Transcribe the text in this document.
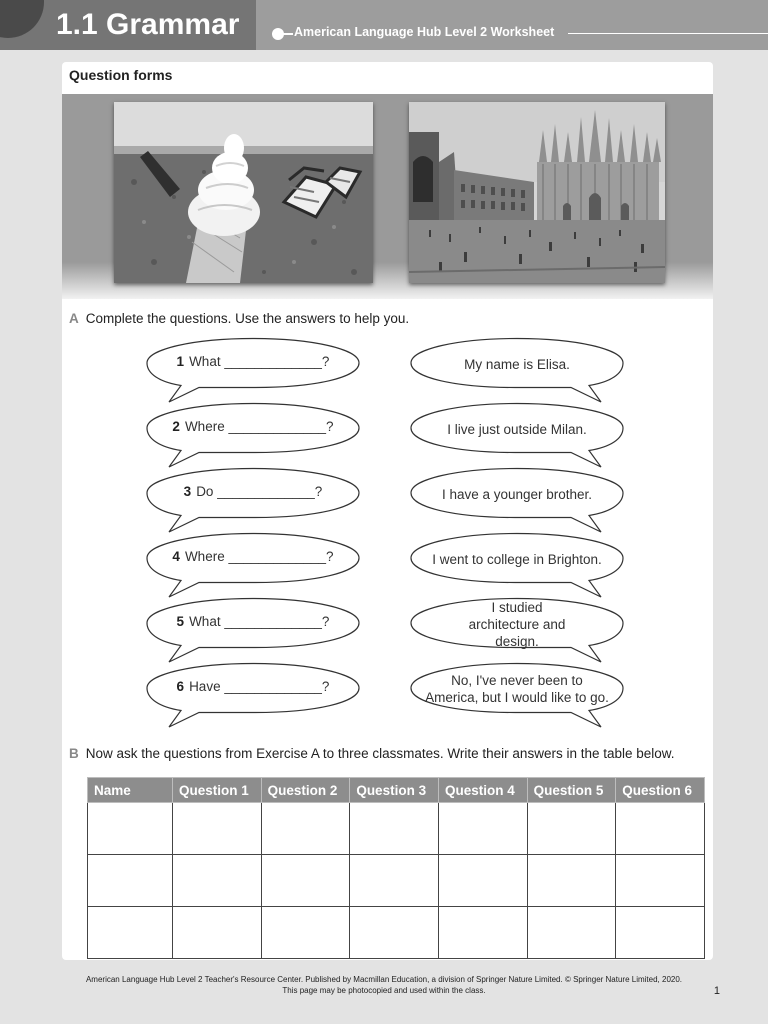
1.1 Grammar	American Language Hub Level 2 Worksheet
Question forms
A Complete the questions. Use the answers to help you.
1 What _____________?
2 Where _____________?
3 Do _____________?
4 Where _____________?
5 What _____________?
6 Have _____________?
My name is Elisa.
I live just outside Milan.
I have a younger brother.
I went to college in Brighton.
I studied architecture and design.
No, I've never been to America, but I would like to go.
B Now ask the questions from Exercise A to three classmates. Write their answers in the table below.
Name	Question 1	Question 2	Question 3	Question 4	Question 5	Question 6

American Language Hub Level 2 Teacher's Resource Center. Published by Macmillan Education, a division of Springer Nature Limited. © Springer Nature Limited, 2020.
This page may be photocopied and used within the class.	1
